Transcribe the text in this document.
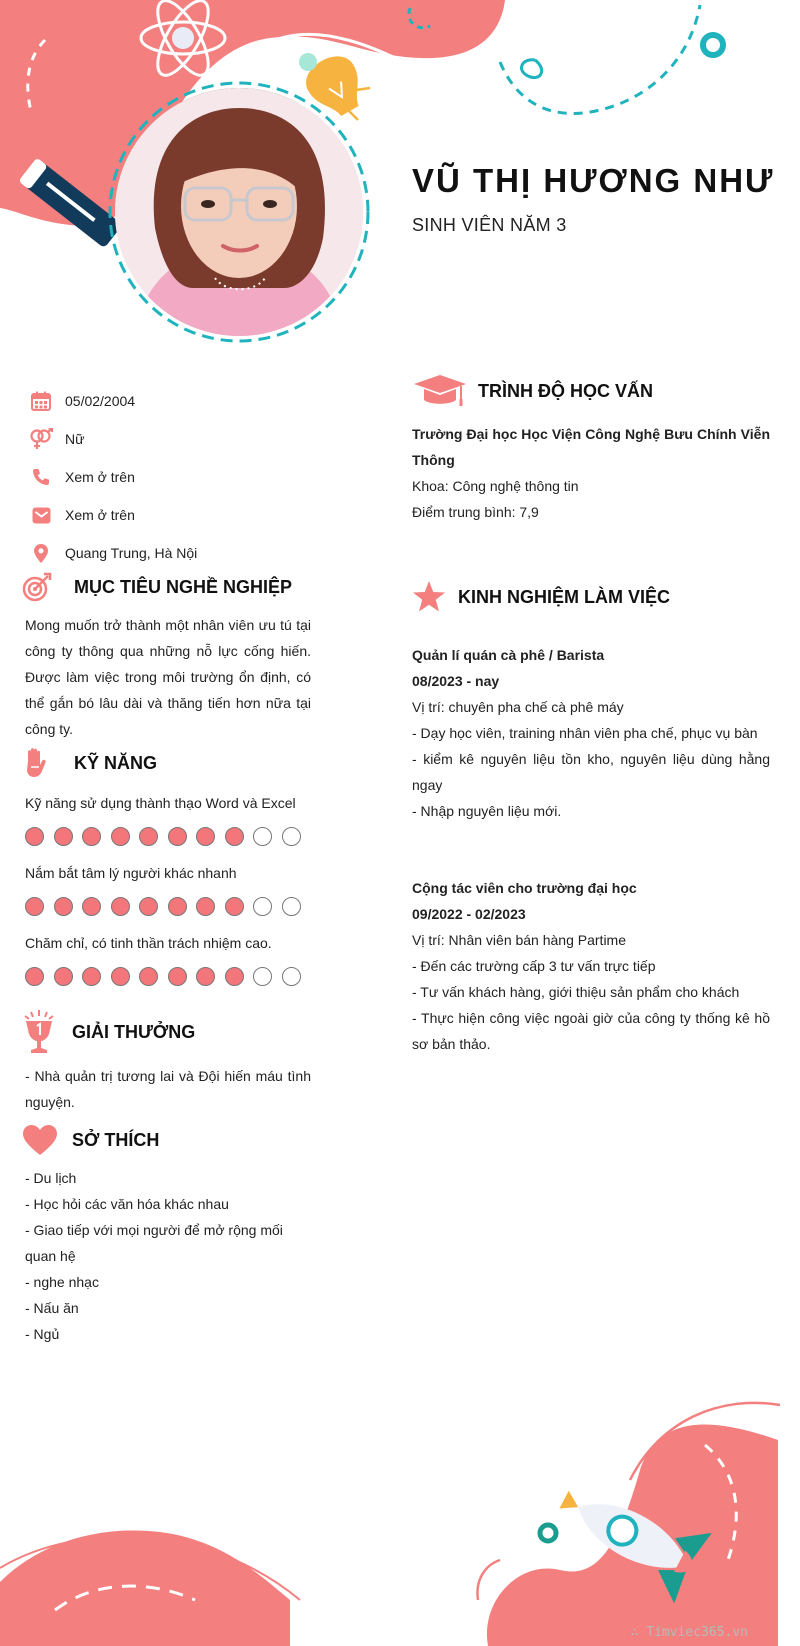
VŨ THỊ HƯƠNG NHƯ

SINH VIÊN NĂM 3

05/02/2004
Nữ
Xem ở trên
Xem ở trên
Quang Trung, Hà Nội
MỤC TIÊU NGHỀ NGHIỆP

Mong muốn trở thành một nhân viên ưu tú tại công ty thông qua những nỗ lực cống hiến. Được làm việc trong môi trường ổn định, có thể gắn bó lâu dài và thăng tiến hơn nữa tại công ty.

KỸ NĂNG

Kỹ năng sử dụng thành thạo Word và Excel

Nắm bắt tâm lý người khác nhanh

Chăm chỉ, có tinh thần trách nhiệm cao.

GIẢI THƯỞNG

- Nhà quản trị tương lai và Đội hiến máu tình nguyện.

SỞ THÍCH
- Du lịch
- Học hỏi các văn hóa khác nhau
- Giao tiếp với mọi người để mở rộng mối quan hệ
- nghe nhạc
- Nấu ăn
- Ngủ
TRÌNH ĐỘ HỌC VẤN
Trường Đại học Học Viện Công Nghệ Bưu Chính Viễn Thông
Khoa: Công nghệ thông tin
Điểm trung bình: 7,9
KINH NGHIỆM LÀM VIỆC
Quản lí quán cà phê / Barista
08/2023 - nay
Vị trí: chuyên pha chế cà phê máy
- Dạy học viên, training nhân viên pha chế, phục vụ bàn
- kiểm kê nguyên liệu tồn kho, nguyên liệu dùng hằng ngay
- Nhập nguyên liệu mới.
Cộng tác viên cho trường đại học
09/2022 - 02/2023
Vị trí: Nhân viên bán hàng Partime
- Đến các trường cấp 3 tư vấn trực tiếp
- Tư vấn khách hàng, giới thiệu sản phẩm cho khách
- Thực hiện công việc ngoài giờ của công ty thống kê hồ sơ bản thảo.
∴ Timviec365.vn
